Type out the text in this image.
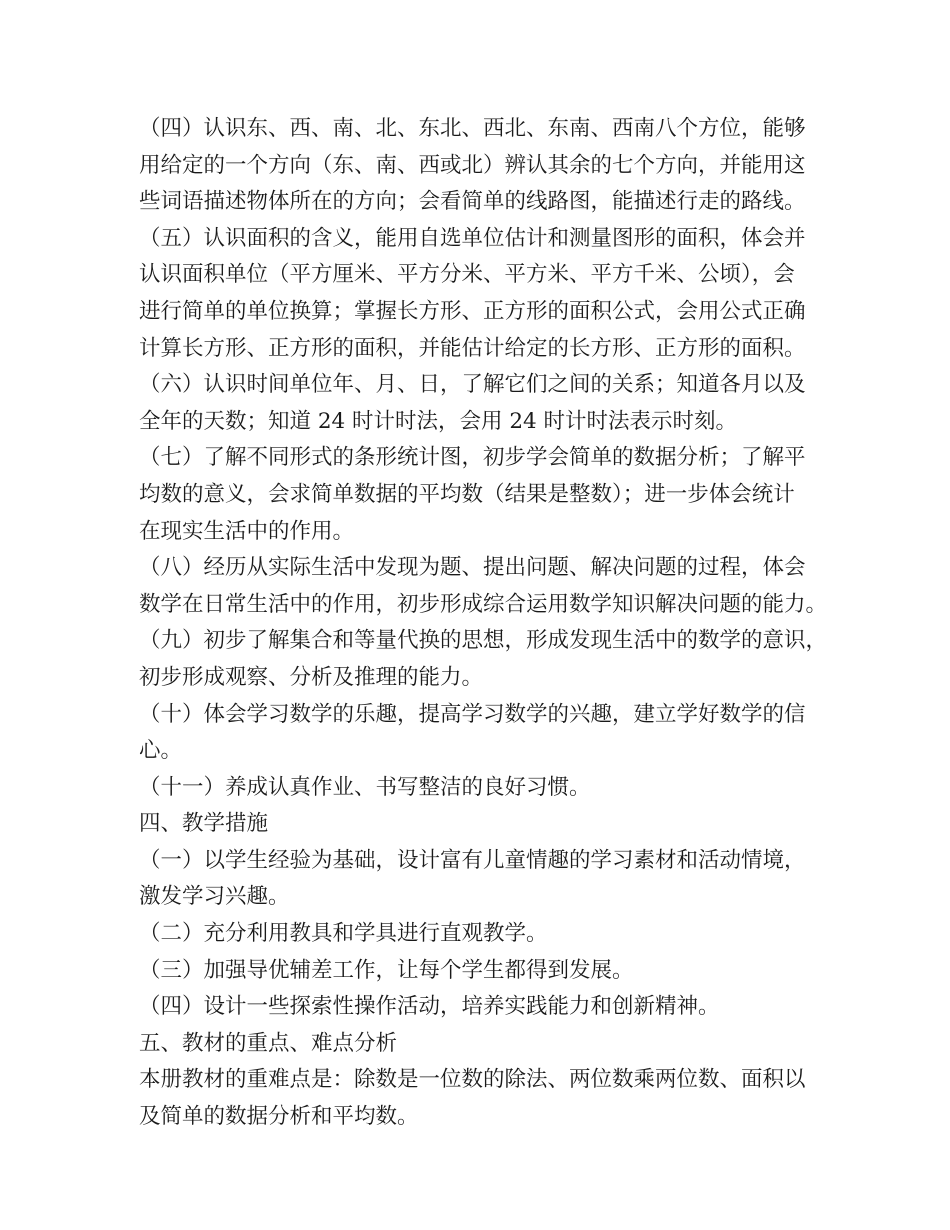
（四）认识东、西、南、北、东北、西北、东南、西南八个方位，能够
用给定的一个方向（东、南、西或北）辨认其余的七个方向，并能用这
些词语描述物体所在的方向；会看简单的线路图，能描述行走的路线。
（五）认识面积的含义，能用自选单位估计和测量图形的面积，体会并
认识面积单位（平方厘米、平方分米、平方米、平方千米、公顷），会
进行简单的单位换算；掌握长方形、正方形的面积公式，会用公式正确
计算长方形、正方形的面积，并能估计给定的长方形、正方形的面积。
（六）认识时间单位年、月、日，了解它们之间的关系；知道各月以及
全年的天数；知道 24 时计时法，会用 24 时计时法表示时刻。
（七）了解不同形式的条形统计图，初步学会简单的数据分析；了解平
均数的意义，会求简单数据的平均数（结果是整数）；进一步体会统计
在现实生活中的作用。
（八）经历从实际生活中发现为题、提出问题、解决问题的过程，体会
数学在日常生活中的作用，初步形成综合运用数学知识解决问题的能力。
（九）初步了解集合和等量代换的思想，形成发现生活中的数学的意识，
初步形成观察、分析及推理的能力。
（十）体会学习数学的乐趣，提高学习数学的兴趣，建立学好数学的信
心。
（十一）养成认真作业、书写整洁的良好习惯。
四、教学措施
（一）以学生经验为基础，设计富有儿童情趣的学习素材和活动情境，
激发学习兴趣。
（二）充分利用教具和学具进行直观教学。
（三）加强导优辅差工作，让每个学生都得到发展。
（四）设计一些探索性操作活动，培养实践能力和创新精神。
五、教材的重点、难点分析
本册教材的重难点是：除数是一位数的除法、两位数乘两位数、面积以
及简单的数据分析和平均数。
